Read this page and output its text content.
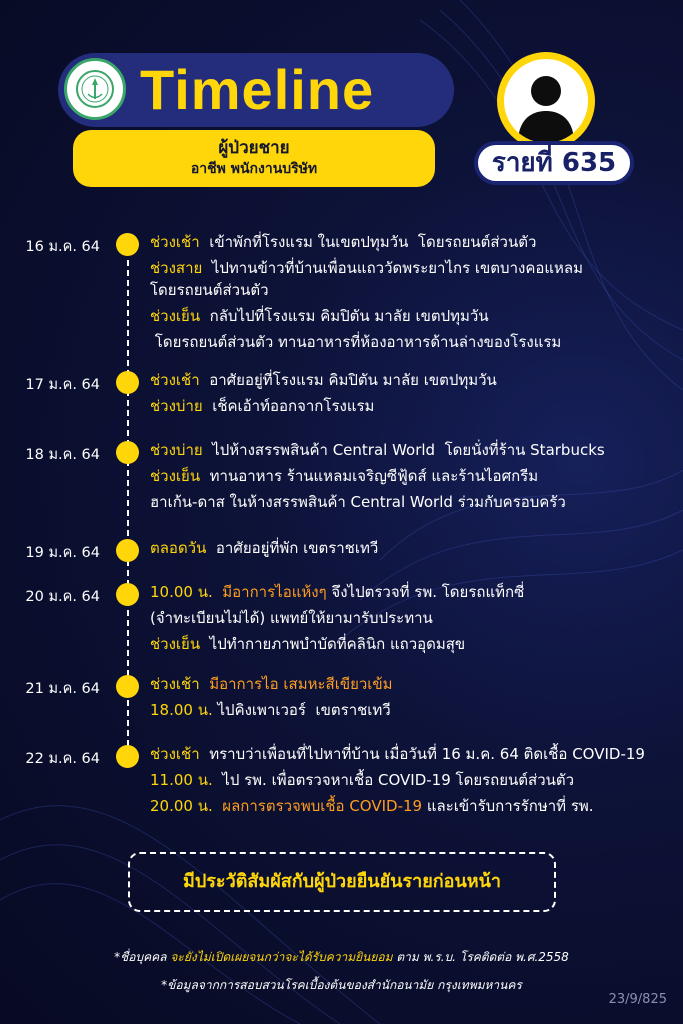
Timeline
ผู้ป่วยชาย
อาชีพ พนักงานบริษัท	รายที่ 635
16 ม.ค. 64	ช่วงเช้า  เข้าพักที่โรงแรม ในเขตปทุมวัน  โดยรถยนต์ส่วนตัว
ช่วงสาย  ไปทานข้าวที่บ้านเพื่อนแถววัดพระยาไกร เขตบางคอแหลม
โดยรถยนต์ส่วนตัว
ช่วงเย็น  กลับไปที่โรงแรม คิมปิตัน มาลัย เขตปทุมวัน
โดยรถยนต์ส่วนตัว ทานอาหารที่ห้องอาหารด้านล่างของโรงแรม
17 ม.ค. 64	ช่วงเช้า  อาศัยอยู่ที่โรงแรม คิมปิตัน มาลัย เขตปทุมวัน
ช่วงบ่าย  เช็คเอ้าท์ออกจากโรงแรม
18 ม.ค. 64	ช่วงบ่าย  ไปห้างสรรพสินค้า Central World  โดยนั่งที่ร้าน Starbucks
ช่วงเย็น  ทานอาหาร ร้านแหลมเจริญซีฟู้ดส์ และร้านไอศกรีม
ฮาเก้น-ดาส ในห้างสรรพสินค้า Central World ร่วมกับครอบครัว
19 ม.ค. 64	ตลอดวัน  อาศัยอยู่ที่พัก เขตราชเทวี
20 ม.ค. 64	10.00 น. มีอาการไอแห้งๆ จึงไปตรวจที่ รพ. โดยรถแท็กซี่
(จำทะเบียนไม่ได้) แพทย์ให้ยามารับประทาน
ช่วงเย็น  ไปทำกายภาพบำบัดที่คลินิก แถวอุดมสุข
21 ม.ค. 64	ช่วงเช้า มีอาการไอ เสมหะสีเขียวเข้ม
18.00 น. ไปคิงเพาเวอร์  เขตราชเทวี
22 ม.ค. 64	ช่วงเช้า  ทราบว่าเพื่อนที่ไปหาที่บ้าน เมื่อวันที่ 16 ม.ค. 64 ติดเชื้อ COVID-19
11.00 น.  ไป รพ. เพื่อตรวจหาเชื้อ COVID-19 โดยรถยนต์ส่วนตัว
20.00 น. ผลการตรวจพบเชื้อ COVID-19 และเข้ารับการรักษาที่ รพ.
มีประวัติสัมผัสกับผู้ป่วยยืนยันรายก่อนหน้า
*ชื่อบุคคล จะยังไม่เปิดเผยจนกว่าจะได้รับความยินยอม ตาม พ.ร.บ. โรคติดต่อ พ.ศ.2558
*ข้อมูลจากการสอบสวนโรคเบื้องต้นของสำนักอนามัย กรุงเทพมหานคร
23/9/825
